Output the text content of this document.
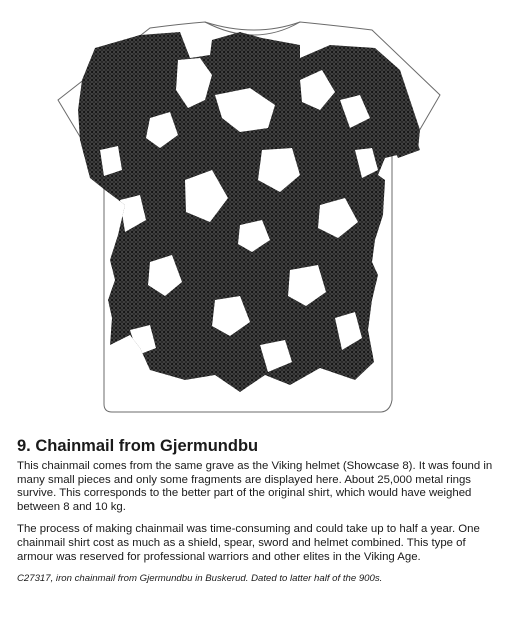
9. Chainmail from Gjermundbu

This chainmail comes from the same grave as the Viking helmet (Showcase 8). It was found in many small pieces and only some fragments are displayed here. About 25,000 metal rings survive. This corresponds to the better part of the original shirt, which would have weighed between 8 and 10 kg.

The process of making chainmail was time-consuming and could take up to half a year. One chainmail shirt cost as much as a shield, spear, sword and helmet combined. This type of armour was reserved for professional warriors and other elites in the Viking Age.

C27317, iron chainmail from Gjermundbu in Buskerud. Dated to latter half of the 900s.
